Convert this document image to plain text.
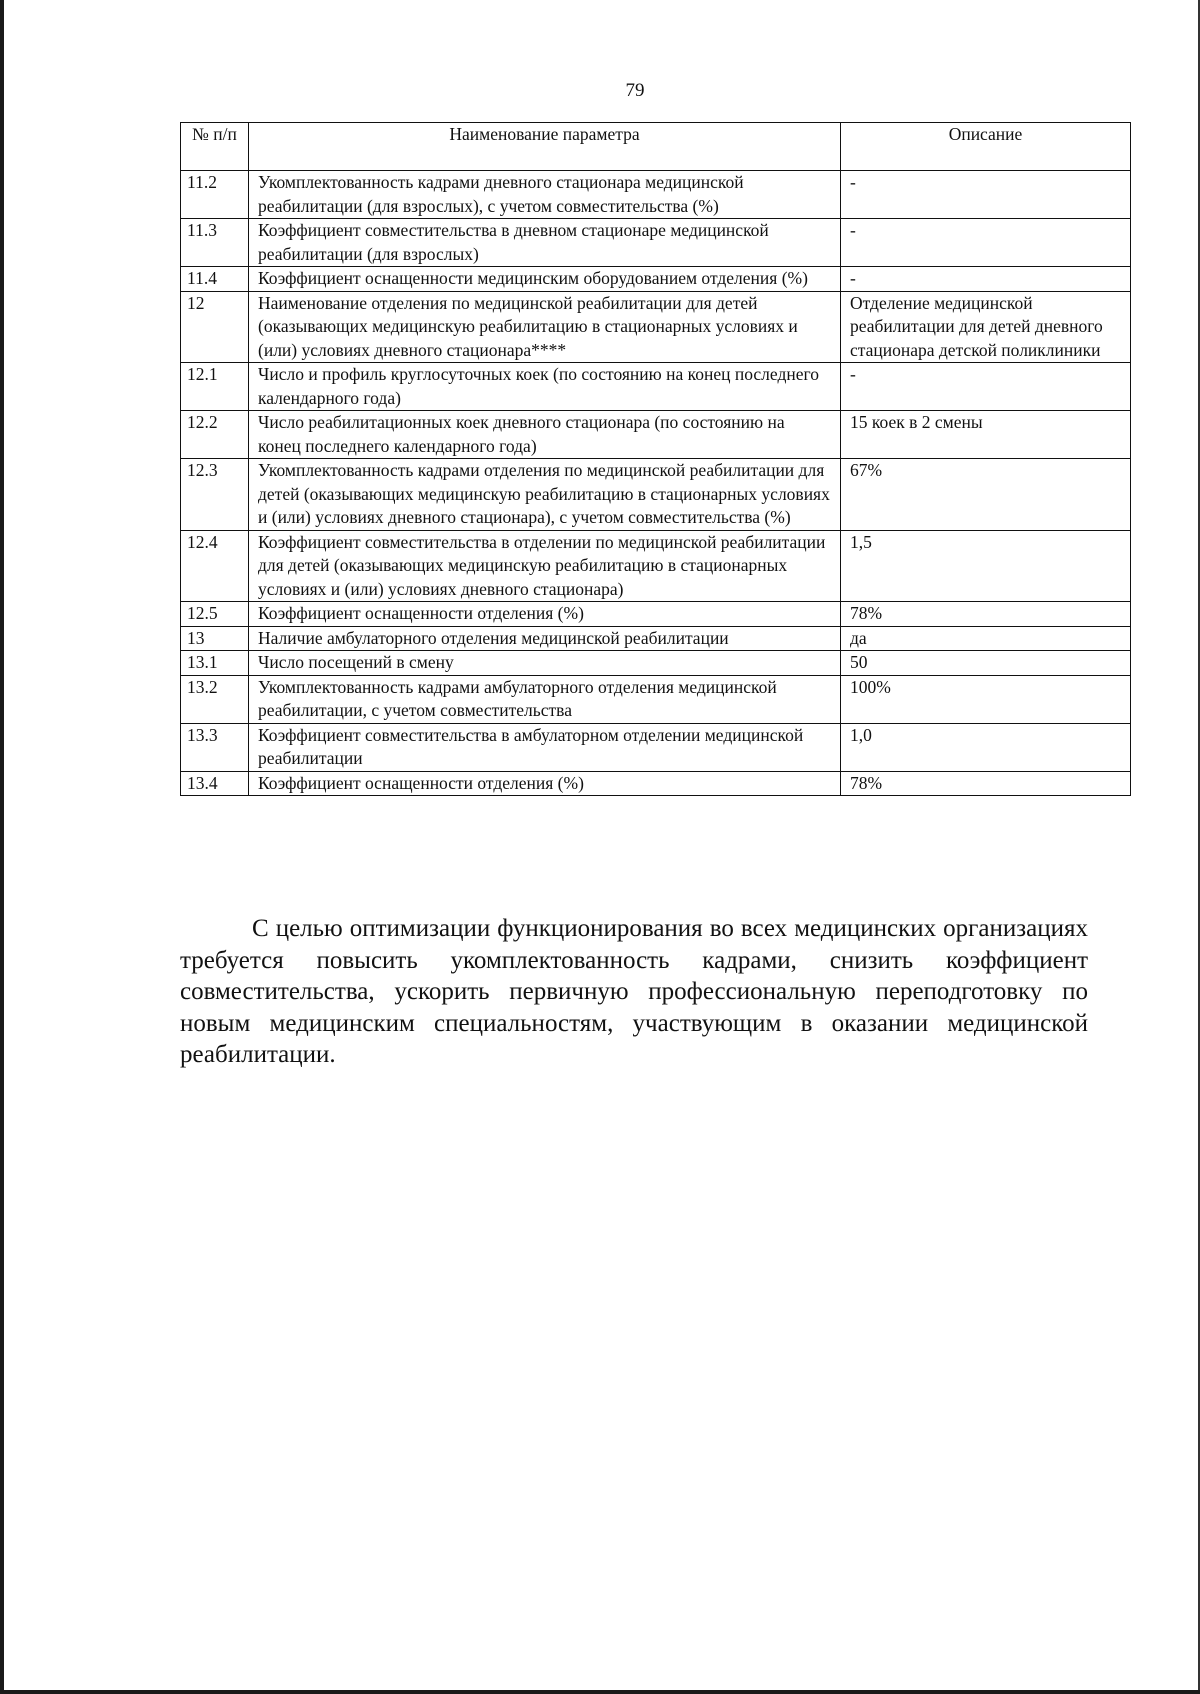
79
№ п/п	Наименование параметра	Описание
11.2	Укомплектованность кадрами дневного стационара медицинской реабилитации (для взрослых), с учетом совместительства (%)	-
11.3	Коэффициент совместительства в дневном стационаре медицинской реабилитации (для взрослых)	-
11.4	Коэффициент оснащенности медицинским оборудованием отделения (%)	-
12	Наименование отделения по медицинской реабилитации для детей (оказывающих медицинскую реабилитацию в стационарных условиях и (или) условиях дневного стационара****	Отделение медицинской реабилитации для детей дневного стационара детской поликлиники
12.1	Число и профиль круглосуточных коек (по состоянию на конец последнего календарного года)	-
12.2	Число реабилитационных коек дневного стационара (по состоянию на конец последнего календарного года)	15 коек в 2 смены
12.3	Укомплектованность кадрами отделения по медицинской реабилитации для детей (оказывающих медицинскую реабилитацию в стационарных условиях и (или) условиях дневного стационара), с учетом совместительства (%)	67%
12.4	Коэффициент совместительства в отделении по медицинской реабилитации для детей (оказывающих медицинскую реабилитацию в стационарных условиях и (или) условиях дневного стационара)	1,5
12.5	Коэффициент оснащенности отделения (%)	78%
13	Наличие амбулаторного отделения медицинской реабилитации	да
13.1	Число посещений в смену	50
13.2	Укомплектованность кадрами амбулаторного отделения медицинской реабилитации, с учетом совместительства	100%
13.3	Коэффициент совместительства в амбулаторном отделении медицинской реабилитации	1,0
13.4	Коэффициент оснащенности отделения (%)	78%

С целью оптимизации функционирования во всех медицинских организациях требуется повысить укомплектованность кадрами, снизить коэффициент совместительства, ускорить первичную профессиональную переподготовку по новым медицинским специальностям, участвующим в оказании медицинской реабилитации.
